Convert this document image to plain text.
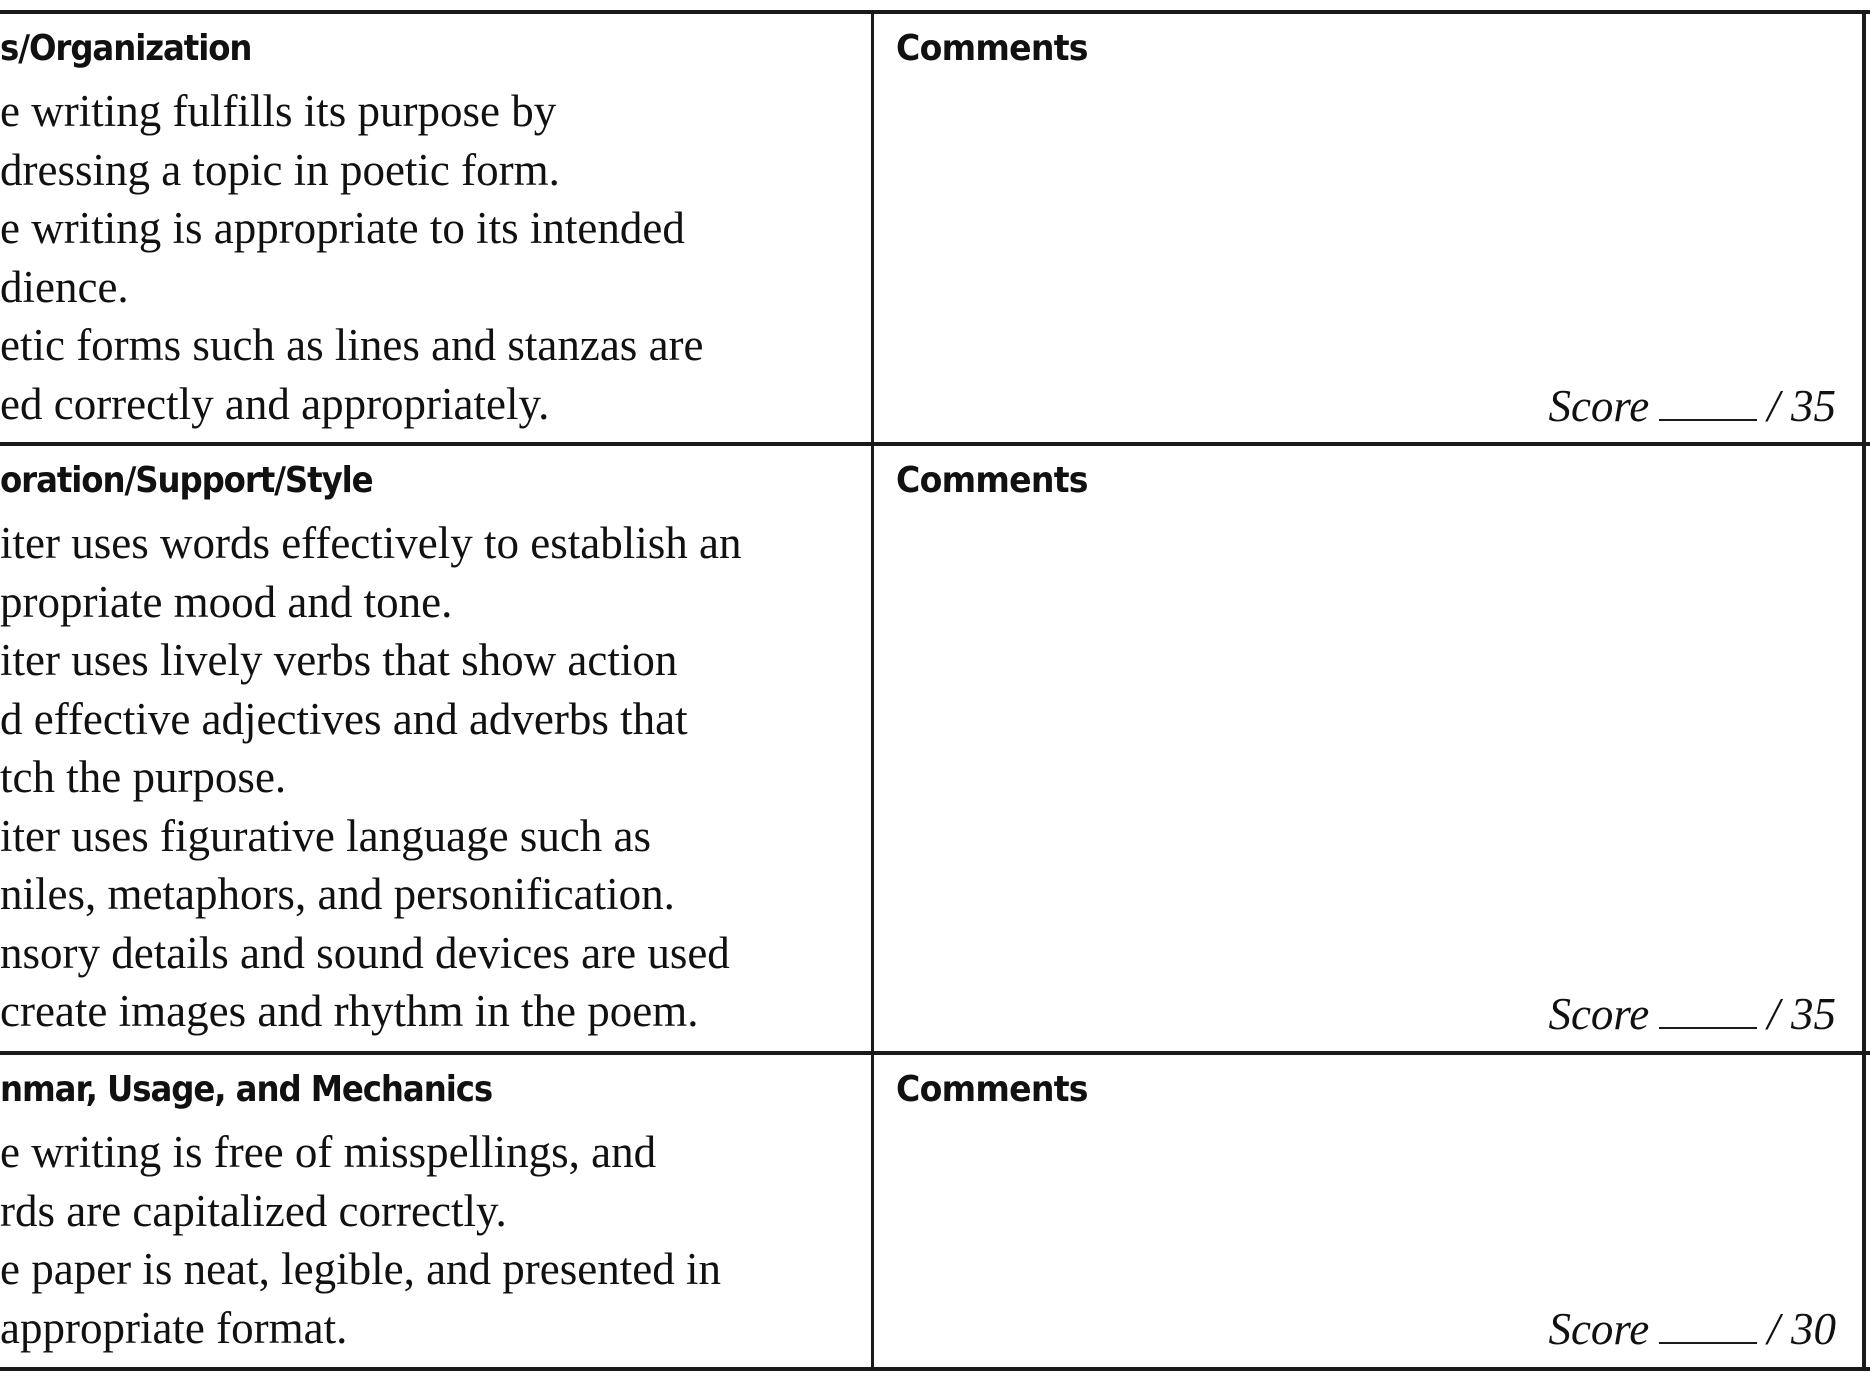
s/Organization
e writing fulfills its purpose by
dressing a topic in poetic form.
e writing is appropriate to its intended
dience.
etic forms such as lines and stanzas are
ed correctly and appropriately.
Comments
Score	/ 35
oration/Support/Style
iter uses words effectively to establish an
propriate mood and tone.
iter uses lively verbs that show action
d effective adjectives and adverbs that
tch the purpose.
iter uses figurative language such as
niles, metaphors, and personification.
nsory details and sound devices are used
create images and rhythm in the poem.
Comments
Score	/ 35
nmar, Usage, and Mechanics
e writing is free of misspellings, and
rds are capitalized correctly.
e paper is neat, legible, and presented in
appropriate format.
Comments
Score	/ 30
